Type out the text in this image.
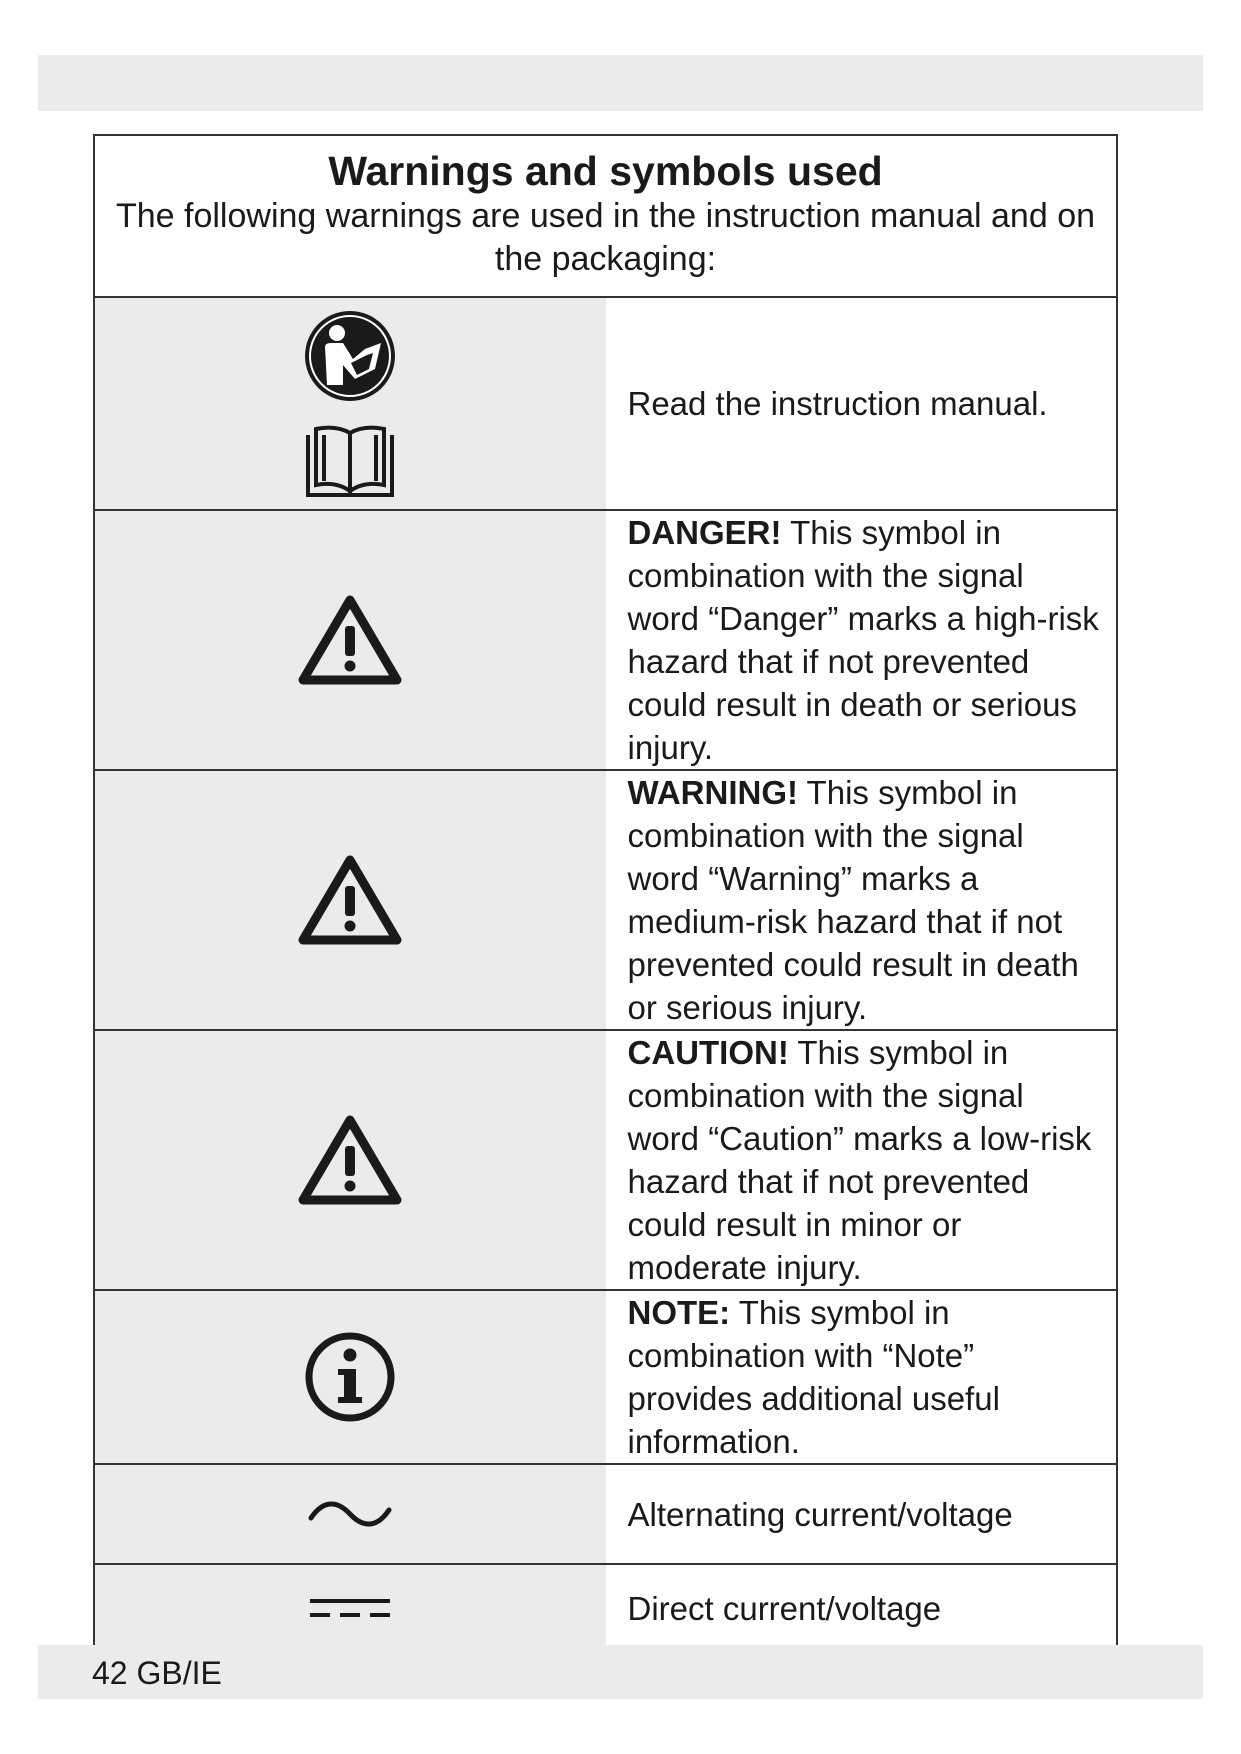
Warnings and symbols used
The following warnings are used in the instruction manual and on the packaging:	

	Read the instruction manual.

	DANGER! This symbol in combination with the signal word “Danger” marks a high-risk hazard that if not prevented could result in death or serious injury.

	WARNING! This symbol in combination with the signal word “Warning” marks a medium-risk hazard that if not prevented could result in death or serious injury.

	CAUTION! This symbol in combination with the signal word “Caution” marks a low-risk hazard that if not prevented could result in minor or moderate injury.

	NOTE: This symbol in combination with “Note” provides additional useful information.

	Alternating current/voltage

	Direct current/voltage
42 GB/IE
